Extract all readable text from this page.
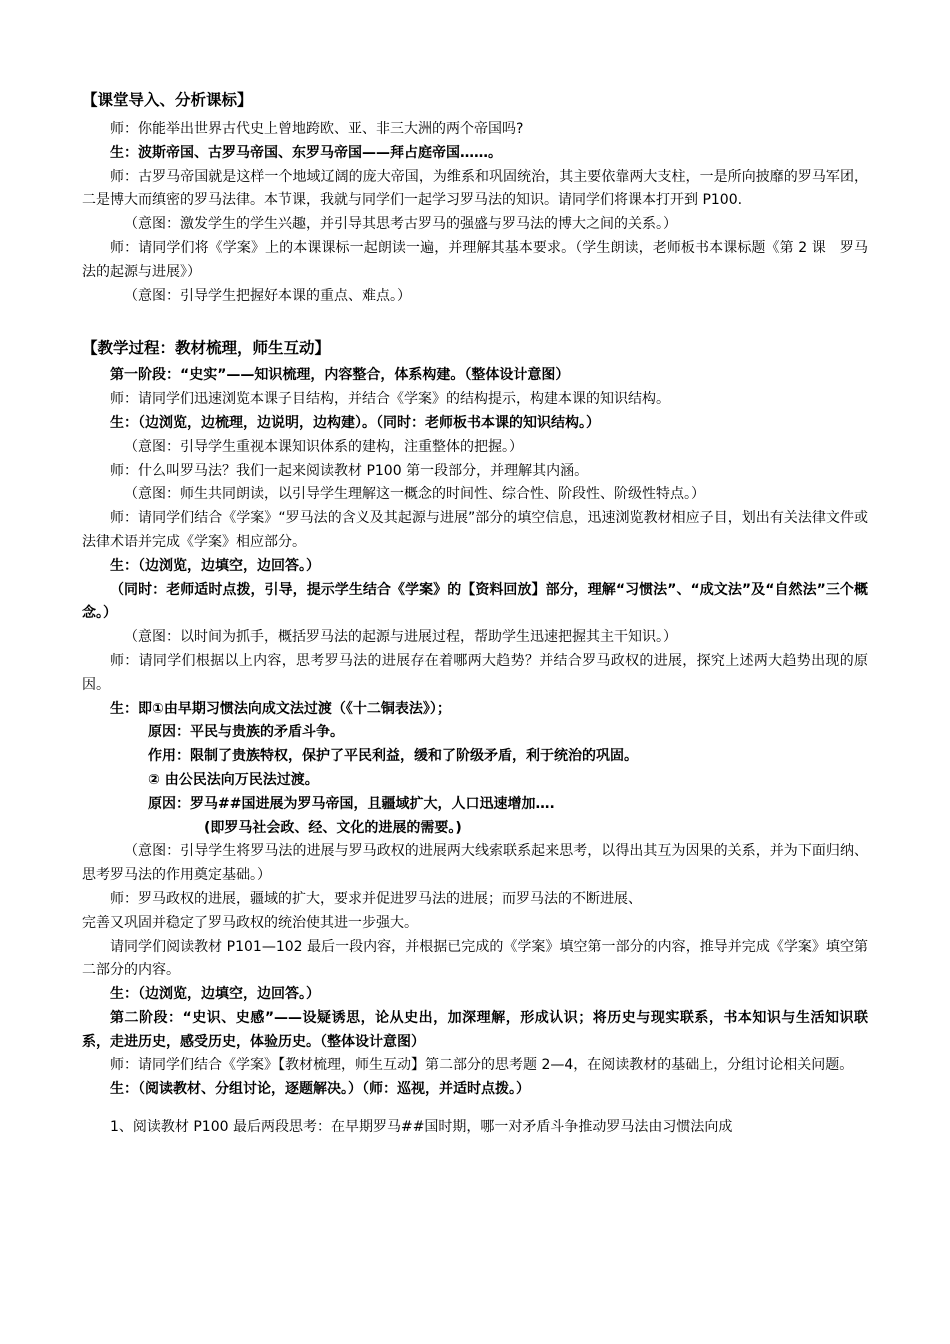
【课堂导入、分析课标】

师：你能举出世界古代史上曾地跨欧、亚、非三大洲的两个帝国吗?

生：波斯帝国、古罗马帝国、东罗马帝国——拜占庭帝国……。

师：古罗马帝国就是这样一个地域辽阔的庞大帝国，为维系和巩固统治，其主要依靠两大支柱，一是所向披靡的罗马军团，二是博大而缜密的罗马法律。本节课，我就与同学们一起学习罗马法的知识。请同学们将课本打开到 P100.

（意图：激发学生的学生兴趣，并引导其思考古罗马的强盛与罗马法的博大之间的关系。）

师：请同学们将《学案》上的本课课标一起朗读一遍，并理解其基本要求。（学生朗读，老师板书本课标题《第 2 课　罗马法的起源与进展》）

（意图：引导学生把握好本课的重点、难点。）

【教学过程：教材梳理，师生互动】

第一阶段：“史实”——知识梳理，内容整合，体系构建。（整体设计意图）

师：请同学们迅速浏览本课子目结构，并结合《学案》的结构提示，构建本课的知识结构。

生：（边浏览，边梳理，边说明，边构建）。（同时：老师板书本课的知识结构。）

（意图：引导学生重视本课知识体系的建构，注重整体的把握。）

师：什么叫罗马法？我们一起来阅读教材 P100 第一段部分，并理解其内涵。

（意图：师生共同朗读，以引导学生理解这一概念的时间性、综合性、阶段性、阶级性特点。）

师：请同学们结合《学案》“罗马法的含义及其起源与进展”部分的填空信息，迅速浏览教材相应子目，划出有关法律文件或法律术语并完成《学案》相应部分。

生：（边浏览，边填空，边回答。）

（同时：老师适时点拨，引导，提示学生结合《学案》的【资料回放】部分，理解“习惯法”、“成文法”及“自然法”三个概念。）

（意图：以时间为抓手，概括罗马法的起源与进展过程，帮助学生迅速把握其主干知识。）

师：请同学们根据以上内容，思考罗马法的进展存在着哪两大趋势？并结合罗马政权的进展，探究上述两大趋势出现的原因。

生：即①由早期习惯法向成文法过渡（《十二铜表法》）；

原因：平民与贵族的矛盾斗争。

作用：限制了贵族特权，保护了平民利益，缓和了阶级矛盾，利于统治的巩固。

② 由公民法向万民法过渡。

原因：罗马##国进展为罗马帝国，且疆域扩大，人口迅速增加….

(即罗马社会政、经、文化的进展的需要。)

（意图：引导学生将罗马法的进展与罗马政权的进展两大线索联系起来思考，以得出其互为因果的关系，并为下面归纳、思考罗马法的作用奠定基础。）

师：罗马政权的进展，疆域的扩大，要求并促进罗马法的进展；而罗马法的不断进展、

完善又巩固并稳定了罗马政权的统治使其进一步强大。

请同学们阅读教材 P101—102 最后一段内容，并根据已完成的《学案》填空第一部分的内容，推导并完成《学案》填空第二部分的内容。

生：（边浏览，边填空，边回答。）

第二阶段：“史识、史感”——设疑诱思，论从史出，加深理解，形成认识；将历史与现实联系，书本知识与生活知识联系，走进历史，感受历史，体验历史。（整体设计意图）

师：请同学们结合《学案》【教材梳理，师生互动】第二部分的思考题 2—4，在阅读教材的基础上，分组讨论相关问题。

生：（阅读教材、分组讨论，逐题解决。）（师：巡视，并适时点拨。）

1、阅读教材 P100 最后两段思考：在早期罗马##国时期，哪一对矛盾斗争推动罗马法由习惯法向成
